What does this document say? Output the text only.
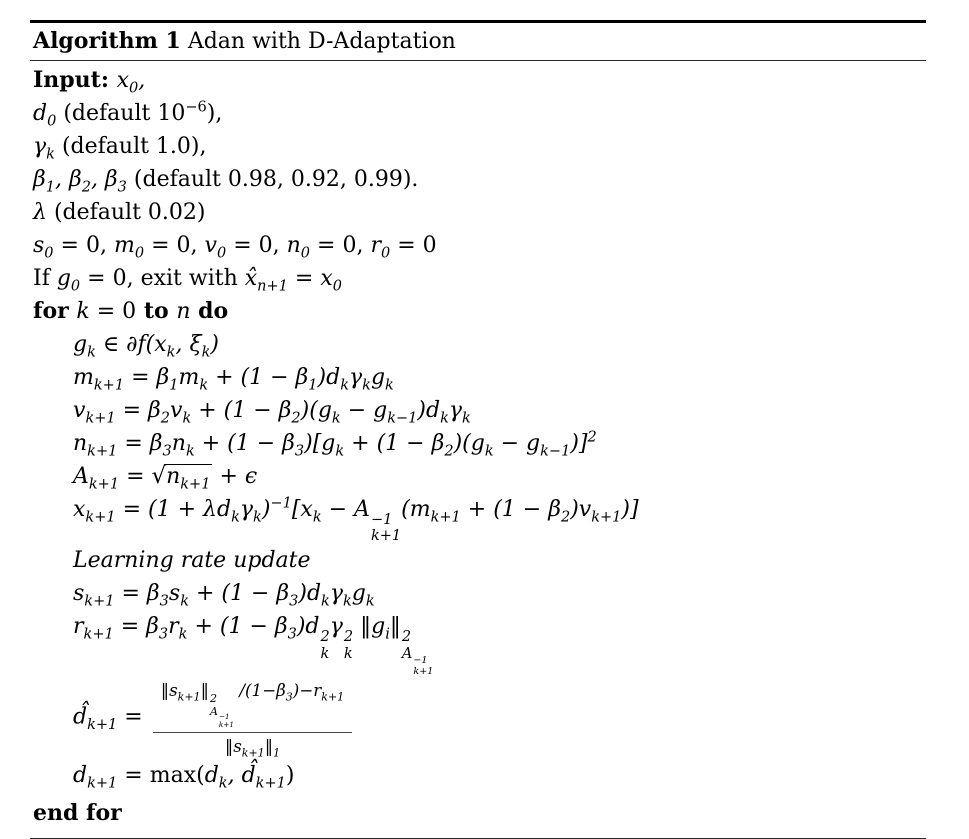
Algorithm 1 Adan with D-Adaptation
Input: $x_0$,
$d_0$ (default $10^{-6}$),
$\gamma_k$ (default 1.0),
$\beta_1$, $\beta_2$, $\beta_3$ (default 0.98, 0.92, 0.99).
λ (default 0.02)
$s_0 = 0$, $m_0 = 0$, $v_0 = 0$, $n_0 = 0$, $r_0 = 0$
If $g_0 = 0$, exit with $x̂_{n+1} = x_0$
for k = 0 to n do
$g_k$ ∈ $\partial f(x_k$, $\xi_k$)
$m_{k+1} = \beta_1m_k + (1 - \beta_1)d_k\gamma_kg_k$
$v_{k+1} = \beta_2v_k + (1 - \beta_2)(g_k - g_{k-1})d_k\gamma_k$
$n_{k+1} = \beta_3n_k + (1 - \beta_3)[g_k + (1 - \beta_2)(g_k - g_{k-1})]^2$
$A_{k+1} = √n_{k+1} + \epsilon$
$x_{k+1} = (1 + \lambda d_k\gamma_k)^{-1}[x_k - A -1$
k+1
$(m_{k+1} + (1 - \beta_2)v_{k+1})$]
Learning rate update
$s_{k+1} = \beta_3s_k + (1 - \beta_3)d_k\gamma_kg_k$
$r_{k+1} = \beta_3r_k + (1 - \beta_3)d$ 2
k
γ 2
k
$‖g_i‖$ 2
A −1
k+1
$d̂_{k+1}$ = $‖s_{k+1}‖$ 2
A −1
k+1
$/(1-\beta_3)-r_{k+1}$
$‖s_{k+1}‖_1$
$d_{k+1} = \max(d_k$, $d̂_{k+1}$)
end for
